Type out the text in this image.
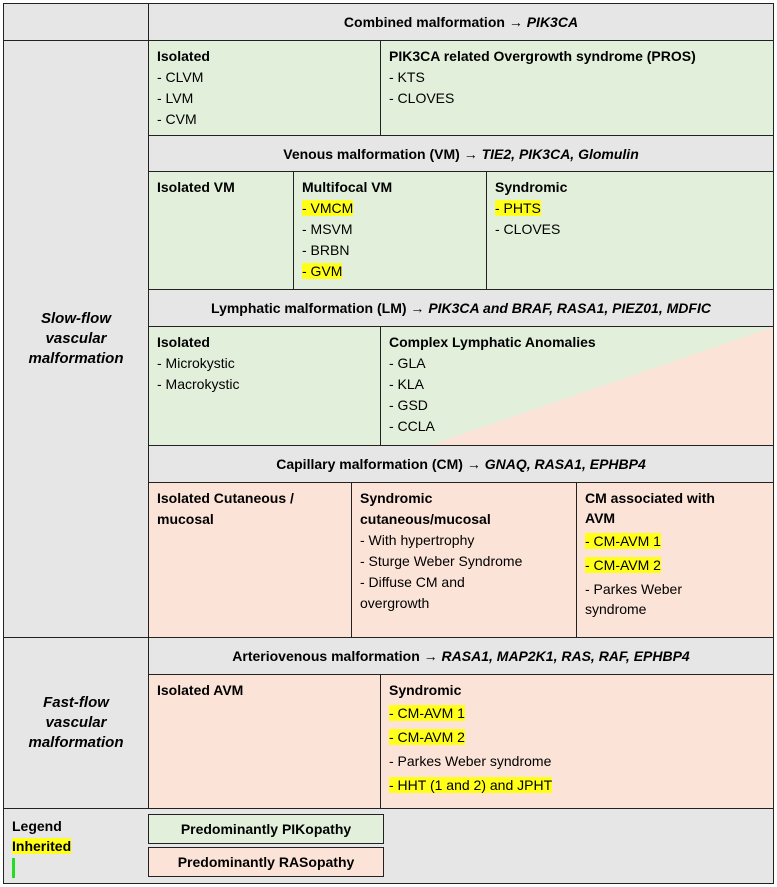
Slow-flow vascular malformation
Fast-flow vascular malformation
Combined malformation →
PIK3CA
Isolated
- CLVM
- LVM
- CVM
PIK3CA related Overgrowth syndrome (PROS)
- KTS
- CLOVES
Venous malformation (VM) →
TIE2, PIK3CA, Glomulin
Isolated VM	Multifocal VM
- VMCM
- MSVM
- BRBN
- GVM
Syndromic
- PHTS
- CLOVES
Lymphatic malformation (LM) →
PIK3CA and BRAF, RASA1, PIEZ01, MDFIC
Isolated
- Microkystic
- Macrokystic
Complex Lymphatic Anomalies
- GLA
- KLA
- GSD
- CCLA
Capillary malformation (CM) →
GNAQ, RASA1, EPHBP4
Isolated Cutaneous /
mucosal
Syndromic
cutaneous/mucosal
- With hypertrophy
- Sturge Weber Syndrome
- Diffuse CM and
overgrowth
CM associated with
AVM
- CM-AVM 1
- CM-AVM 2
- Parkes Weber
syndrome
Arteriovenous malformation →
RASA1, MAP2K1, RAS, RAF, EPHBP4
Isolated AVM	Syndromic
- CM-AVM 1
- CM-AVM 2
- Parkes Weber syndrome
- HHT (1 and 2) and JPHT
Legend
Inherited
Predominantly PIKopathy
Predominantly RASopathy
